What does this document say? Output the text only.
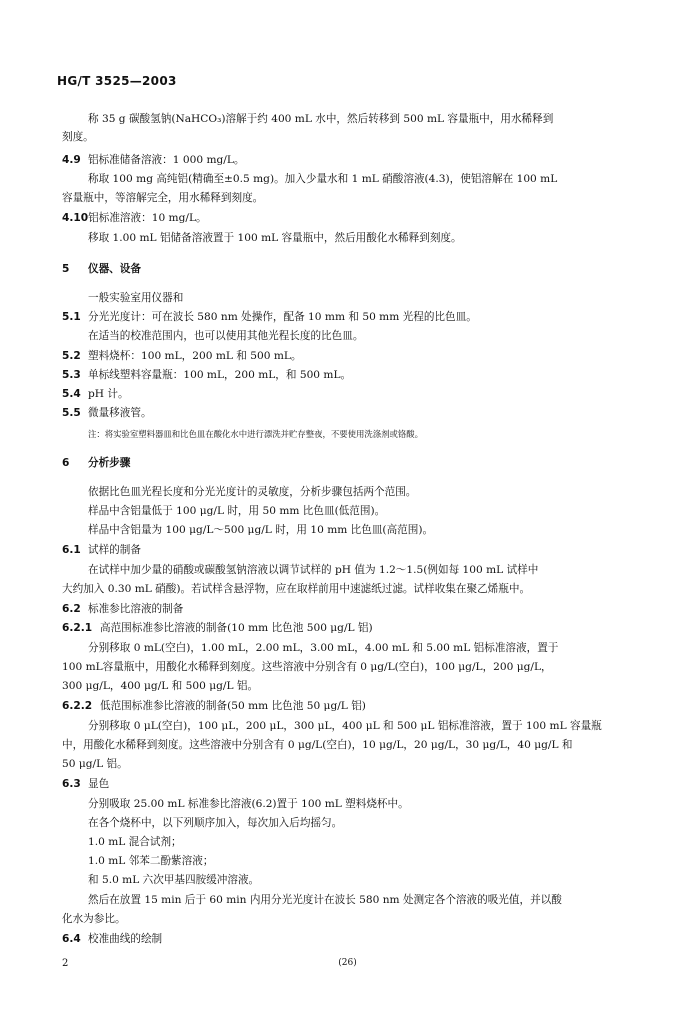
HG/T 3525—2003
称 35 g 碳酸氢钠(NaHCO₃)溶解于约 400 mL 水中，然后转移到 500 mL 容量瓶中，用水稀释到
刻度。
4.9 铝标准储备溶液：1 000 mg/L。
称取 100 mg 高纯铝(精确至±0.5 mg)。加入少量水和 1 mL 硝酸溶液(4.3)，使铝溶解在 100 mL
容量瓶中，等溶解完全，用水稀释到刻度。
4.10铝标准溶液：10 mg/L。
移取 1.00 mL 铝储备溶液置于 100 mL 容量瓶中，然后用酸化水稀释到刻度。
5 仪器、设备
一般实验室用仪器和
5.1 分光光度计：可在波长 580 nm 处操作，配备 10 mm 和 50 mm 光程的比色皿。
在适当的校准范围内，也可以使用其他光程长度的比色皿。
5.2 塑料烧杯：100 mL，200 mL 和 500 mL。
5.3 单标线塑料容量瓶：100 mL，200 mL，和 500 mL。
5.4 pH 计。
5.5 微量移液管。
注：将实验室塑料器皿和比色皿在酸化水中进行漂洗并贮存整夜，不要使用洗涤剂或铬酸。
6 分析步骤
依据比色皿光程长度和分光光度计的灵敏度，分析步骤包括两个范围。
样品中含铝量低于 100 μg/L 时，用 50 mm 比色皿(低范围)。
样品中含铝量为 100 μg/L～500 μg/L 时，用 10 mm 比色皿(高范围)。
6.1 试样的制备
在试样中加少量的硝酸或碳酸氢钠溶液以调节试样的 pH 值为 1.2～1.5(例如每 100 mL 试样中
大约加入 0.30 mL 硝酸)。若试样含悬浮物，应在取样前用中速滤纸过滤。试样收集在聚乙烯瓶中。
6.2 标准参比溶液的制备
6.2.1 高范围标准参比溶液的制备(10 mm 比色池 500 μg/L 铝)
分别移取 0 mL(空白)，1.00 mL，2.00 mL，3.00 mL，4.00 mL 和 5.00 mL 铝标准溶液，置于
100 mL容量瓶中，用酸化水稀释到刻度。这些溶液中分别含有 0 μg/L(空白)，100 μg/L，200 μg/L，
300 μg/L，400 μg/L 和 500 μg/L 铝。
6.2.2 低范围标准参比溶液的制备(50 mm 比色池 50 μg/L 铝)
分别移取 0 μL(空白)，100 μL，200 μL，300 μL，400 μL 和 500 μL 铝标准溶液，置于 100 mL 容量瓶
中，用酸化水稀释到刻度。这些溶液中分别含有 0 μg/L(空白)，10 μg/L，20 μg/L，30 μg/L，40 μg/L 和
50 μg/L 铝。
6.3 显色
分别吸取 25.00 mL 标准参比溶液(6.2)置于 100 mL 塑料烧杯中。
在各个烧杯中，以下列顺序加入，每次加入后均摇匀。
1.0 mL 混合试剂；
1.0 mL 邻苯二酚紫溶液；
和 5.0 mL 六次甲基四胺缓冲溶液。
然后在放置 15 min 后于 60 min 内用分光光度计在波长 580 nm 处测定各个溶液的吸光值，并以酸
化水为参比。
6.4 校准曲线的绘制
2	(26)
